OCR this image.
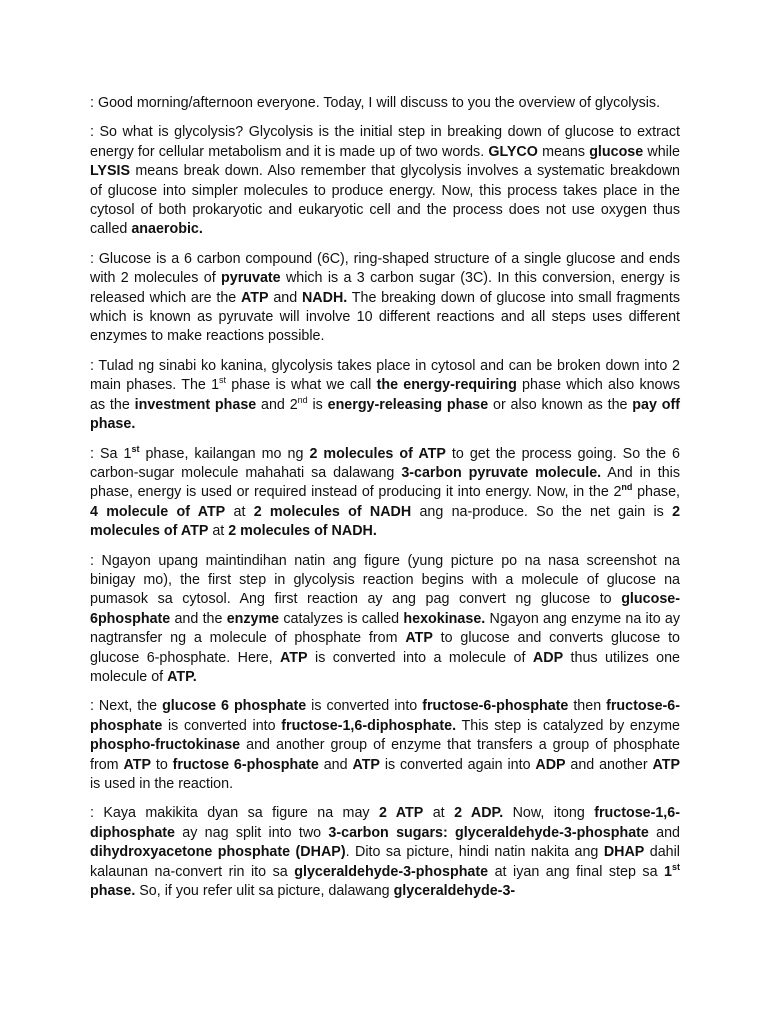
: Good morning/afternoon everyone. Today, I will discuss to you the overview of glycolysis.

: So what is glycolysis? Glycolysis is the initial step in breaking down of glucose to extract energy for cellular metabolism and it is made up of two words. GLYCO means glucose while LYSIS means break down. Also remember that glycolysis involves a systematic breakdown of glucose into simpler molecules to produce energy. Now, this process takes place in the cytosol of both prokaryotic and eukaryotic cell and the process does not use oxygen thus called anaerobic.

: Glucose is a 6 carbon compound (6C), ring-shaped structure of a single glucose and ends with 2 molecules of pyruvate which is a 3 carbon sugar (3C). In this conversion, energy is released which are the ATP and NADH. The breaking down of glucose into small fragments which is known as pyruvate will involve 10 different reactions and all steps uses different enzymes to make reactions possible.

: Tulad ng sinabi ko kanina, glycolysis takes place in cytosol and can be broken down into 2 main phases. The 1st phase is what we call the energy-requiring phase which also knows as the investment phase and 2nd is energy-releasing phase or also known as the pay off phase.

: Sa 1st phase, kailangan mo ng 2 molecules of ATP to get the process going. So the 6 carbon-sugar molecule mahahati sa dalawang 3-carbon pyruvate molecule. And in this phase, energy is used or required instead of producing it into energy. Now, in the 2nd phase, 4 molecule of ATP at 2 molecules of NADH ang na-produce. So the net gain is 2 molecules of ATP at 2 molecules of NADH.

: Ngayon upang maintindihan natin ang figure (yung picture po na nasa screenshot na binigay mo), the first step in glycolysis reaction begins with a molecule of glucose na pumasok sa cytosol. Ang first reaction ay ang pag convert ng glucose to glucose-6phosphate and the enzyme catalyzes is called hexokinase. Ngayon ang enzyme na ito ay nagtransfer ng a molecule of phosphate from ATP to glucose and converts glucose to glucose 6-phosphate. Here, ATP is converted into a molecule of ADP thus utilizes one molecule of ATP.

: Next, the glucose 6 phosphate is converted into fructose-6-phosphate then fructose-6-phosphate is converted into fructose-1,6-diphosphate. This step is catalyzed by enzyme phospho-fructokinase and another group of enzyme that transfers a group of phosphate from ATP to fructose 6-phosphate and ATP is converted again into ADP and another ATP is used in the reaction.

: Kaya makikita dyan sa figure na may 2 ATP at 2 ADP. Now, itong fructose-1,6-diphosphate ay nag split into two 3-carbon sugars: glyceraldehyde-3-phosphate and dihydroxyacetone phosphate (DHAP). Dito sa picture, hindi natin nakita ang DHAP dahil kalaunan na-convert rin ito sa glyceraldehyde-3-phosphate at iyan ang final step sa 1st phase. So, if you refer ulit sa picture, dalawang glyceraldehyde-3-
